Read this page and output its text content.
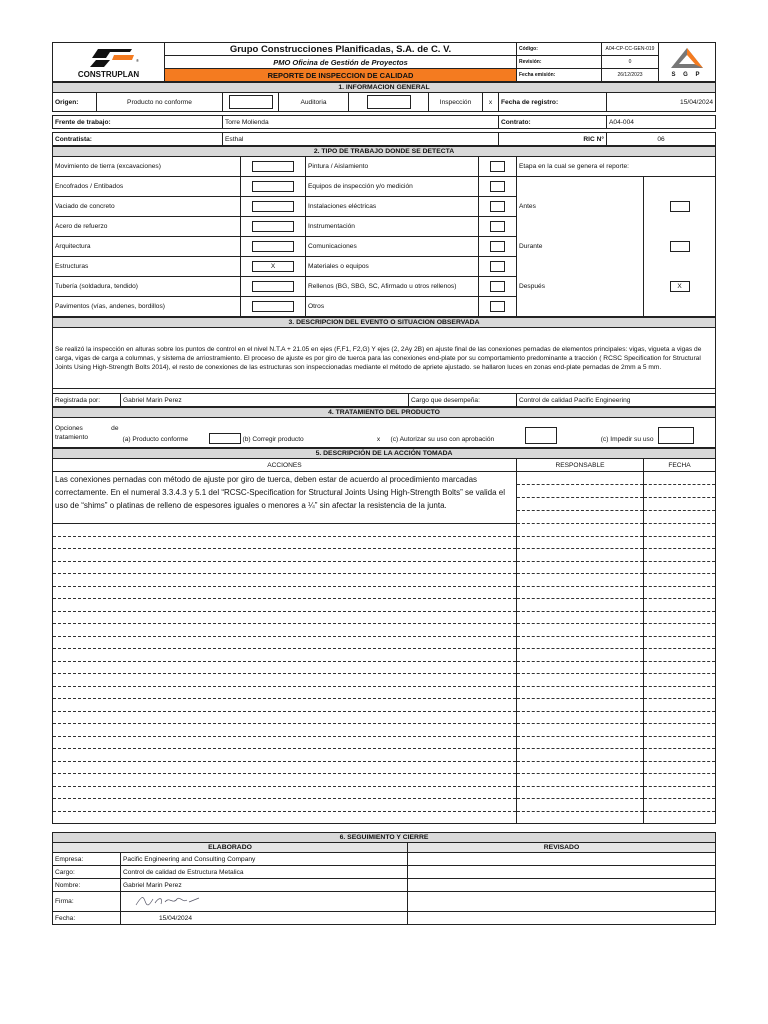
®

CONSTRUPLAN	Grupo Construcciones Planificadas, S.A. de C. V.	Código:	A04-CP-CC-GEN-019	S G P
	PMO Oficina de Gestión de Proyectos	Revisión:	0	
	REPORTE DE INSPECCION DE CALIDAD	Fecha emisión:	26/12/2023	
1. INFORMACION GENERAL								
Origen:	Producto no conforme		Auditoria		Inspección	x	Fecha de registro:	15/04/2024

Frente de trabajo:		Torre Molienda					Contrato:	A04-004

Contratista:		Esthal					RIC N°	06
2. TIPO DE TRABAJO DONDE SE DETECTA					
Movimiento de tierra (excavaciones)		Pintura / Aislamiento		Etapa en la cual se genera el reporte:	
Encofrados / Entibados		Equipos de inspección y/o medición			
Vaciado de concreto		Instalaciones eléctricas		Antes	
Acero de refuerzo		Instrumentación			
Arquitectura		Comunicaciones		Durante	
Estructuras	X	Materiales o equipos			
Tubería (soldadura, tendido)		Rellenos (BG, SBG, SC, Afirmado u otros rellenos)		Después	X
Pavimentos (vías, andenes, bordillos)		Otros			
3. DESCRIPCION DEL EVENTO O SITUACION OBSERVADA
Se realizó la inspección en alturas sobre los puntos de control en el nivel N.T.A + 21.05 en ejes (F,F1, F2,G) Y ejes (2, 2Ay 2B) en ajuste final de las conexiones pernadas de elementos principales: vigas, vigueta a vigas de carga, vigas de carga a columnas, y sistema de arriostramiento. El proceso de ajuste es por giro de tuerca para las conexiones end-plate por su comportamiento predominante a tracción ( RCSC Specification for Structural Joints Using High-Strength Bolts 2014), el resto de conexiones de las estructuras son inspeccionadas mediante el método de apriete ajustado. se hallaron luces en zonas end-plate pernadas de 2mm a 5 mm.

Registrada por:	Gabriel Marin Perez	Cargo que desempeña:	Control de calidad Pacific Engineering
4. TRATAMIENTO DEL PRODUCTO
Opciones	de

tratamiento	(a) Producto conforme		(b) Corregir producto	x	(c) Autorizar su uso con aprobación		(c) Impedir su uso	
5. DESCRIPCIÓN DE LA ACCIÓN TOMADA		
ACCIONES	RESPONSABLE	FECHA
Las conexiones pernadas con método de ajuste por giro de tuerca, deben estar de acuerdo al procedimiento marcadas correctamente. En el numeral 3.3.4.3 y 5.1 del “RCSC-Specification for Structural Joints Using High-Strength Bolts” se valida el uso de “shims” o platinas de relleno de espesores iguales o menores a ¼” sin afectar la resistencia de la junta.		

6. SEGUIMIENTO Y CIERRE		
ELABORADO		REVISADO
Empresa:	Pacific Engineering and Consulting Company	
Cargo:	Control de calidad de Estructura Metalica	
Nombre:	Gabriel Marin Perez	
Firma:		
Fecha:	15/04/2024	
